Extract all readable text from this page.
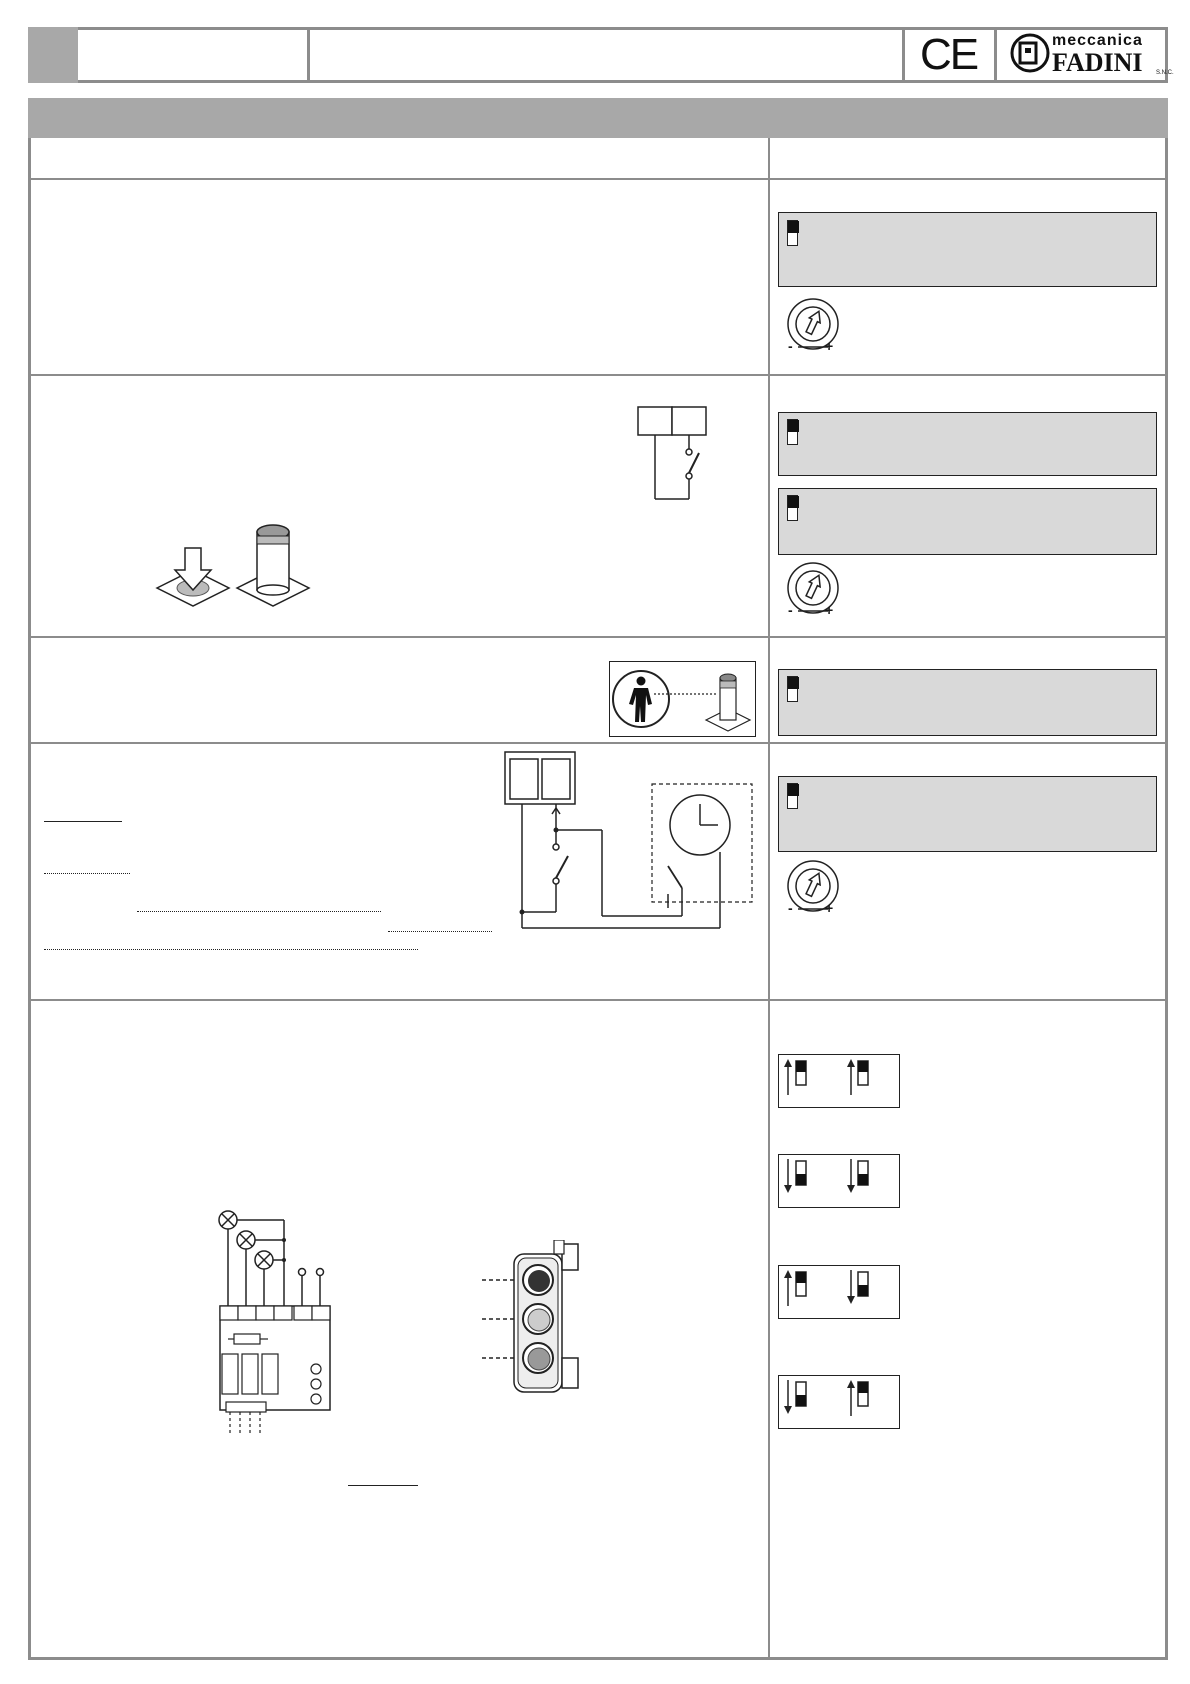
CE	meccanica
FADINI S.N.C.
- +
- +
- +
